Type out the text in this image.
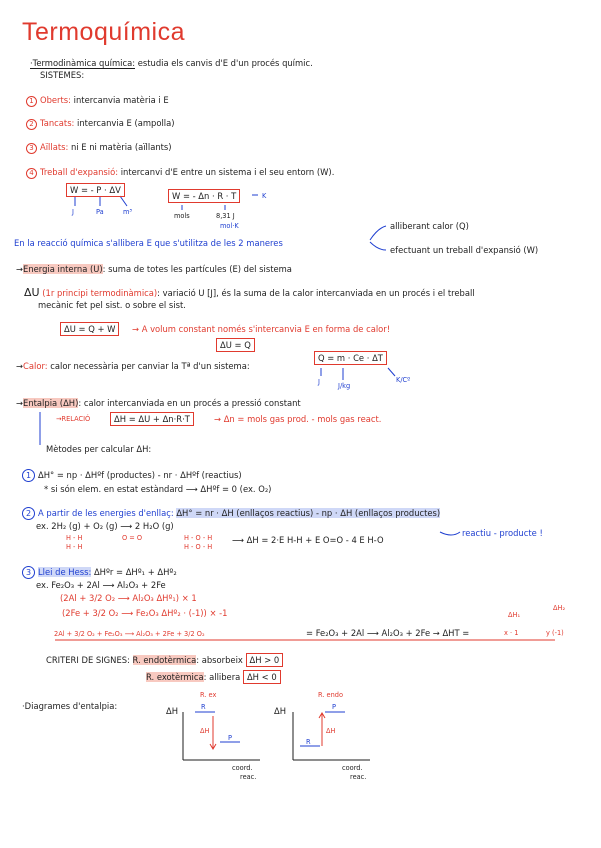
Termoquímica
·Termodinàmica química: estudia els canvis d'E d'un procés químic.
SISTEMES:
1 Oberts: intercanvia matèria i E
2 Tancats: intercanvia E (ampolla)
3 Aïllats: ni E ni matèria (aïllants)
4 Treball d'expansió: intercanvi d'E entre un sistema i el seu entorn (W).
W = - P · ΔV
J	Pa	m³
W = - Δn · R · T	K
mols	8,31 J
mol·K
En la reacció química s'allibera E que s'utilitza de les 2 maneres
alliberant calor (Q)
efectuant un treball d'expansió (W)
→Energia interna (U): suma de totes les partícules (E) del sistema
ΔU (1r principi termodinàmica): variació U [J], és la suma de la calor intercanviada en un procés i el treball
mecànic fet pel sist. o sobre el sist.
ΔU = Q + W	→ A volum constant només s'intercanvia E en forma de calor!
ΔU = Q
→Calor: calor necessària per canviar la Tª d'un sistema:
Q = m · Ce · ΔT
J	J/kg
K/Cº
→Entalpia (ΔH): calor intercanviada en un procés a pressió constant
→RELACIÓ	ΔH = ΔU + Δn·R·T	→ Δn = mols gas prod. - mols gas react.
Mètodes per calcular ΔH:
1 ΔH° = np · ΔHºf (productes) - nr · ΔHºf (reactius)
* si són elem. en estat estàndard ⟶ ΔHºf = 0 (ex. O₂)
2 A partir de les energies d'enllaç: ΔH° = nr · ΔH (enllaços reactius) - np · ΔH (enllaços productes)
ex. 2H₂ (g) + O₂ (g) ⟶ 2 H₂O (g)
H - H
H - H
O = O	H - O - H
H - O - H
⟶ ΔH = 2·E H-H + E O=O - 4 E H-O
reactiu - producte !
3 Llei de Hess: ΔHºr = ΔHº₁ + ΔHº₂
ex. Fe₂O₃ + 2Al ⟶ Al₂O₃ + 2Fe
(2Al + 3/2 O₂ ⟶ Al₂O₃ ΔHº₁) × 1
(2Fe + 3/2 O₂ ⟶ Fe₂O₃ ΔHº₂ · (-1)) × -1
2Al + 3/2 O₂ + Fe₂O₃ ⟶ Al₂O₃ + 2Fe + 3/2 O₂	= Fe₂O₃ + 2Al ⟶ Al₂O₃ + 2Fe → ΔHT =
ΔH₁
ΔH₂
x · 1	y (-1)
CRITERI DE SIGNES: R. endotèrmica: absorbeix ΔH > 0
R. exotèrmica: allibera ΔH < 0
·Diagrames d'entalpia:
R. ex	R. endo
ΔH	ΔH
R
P
ΔH
R
P
ΔH
coord.
reac.
coord.
reac.
